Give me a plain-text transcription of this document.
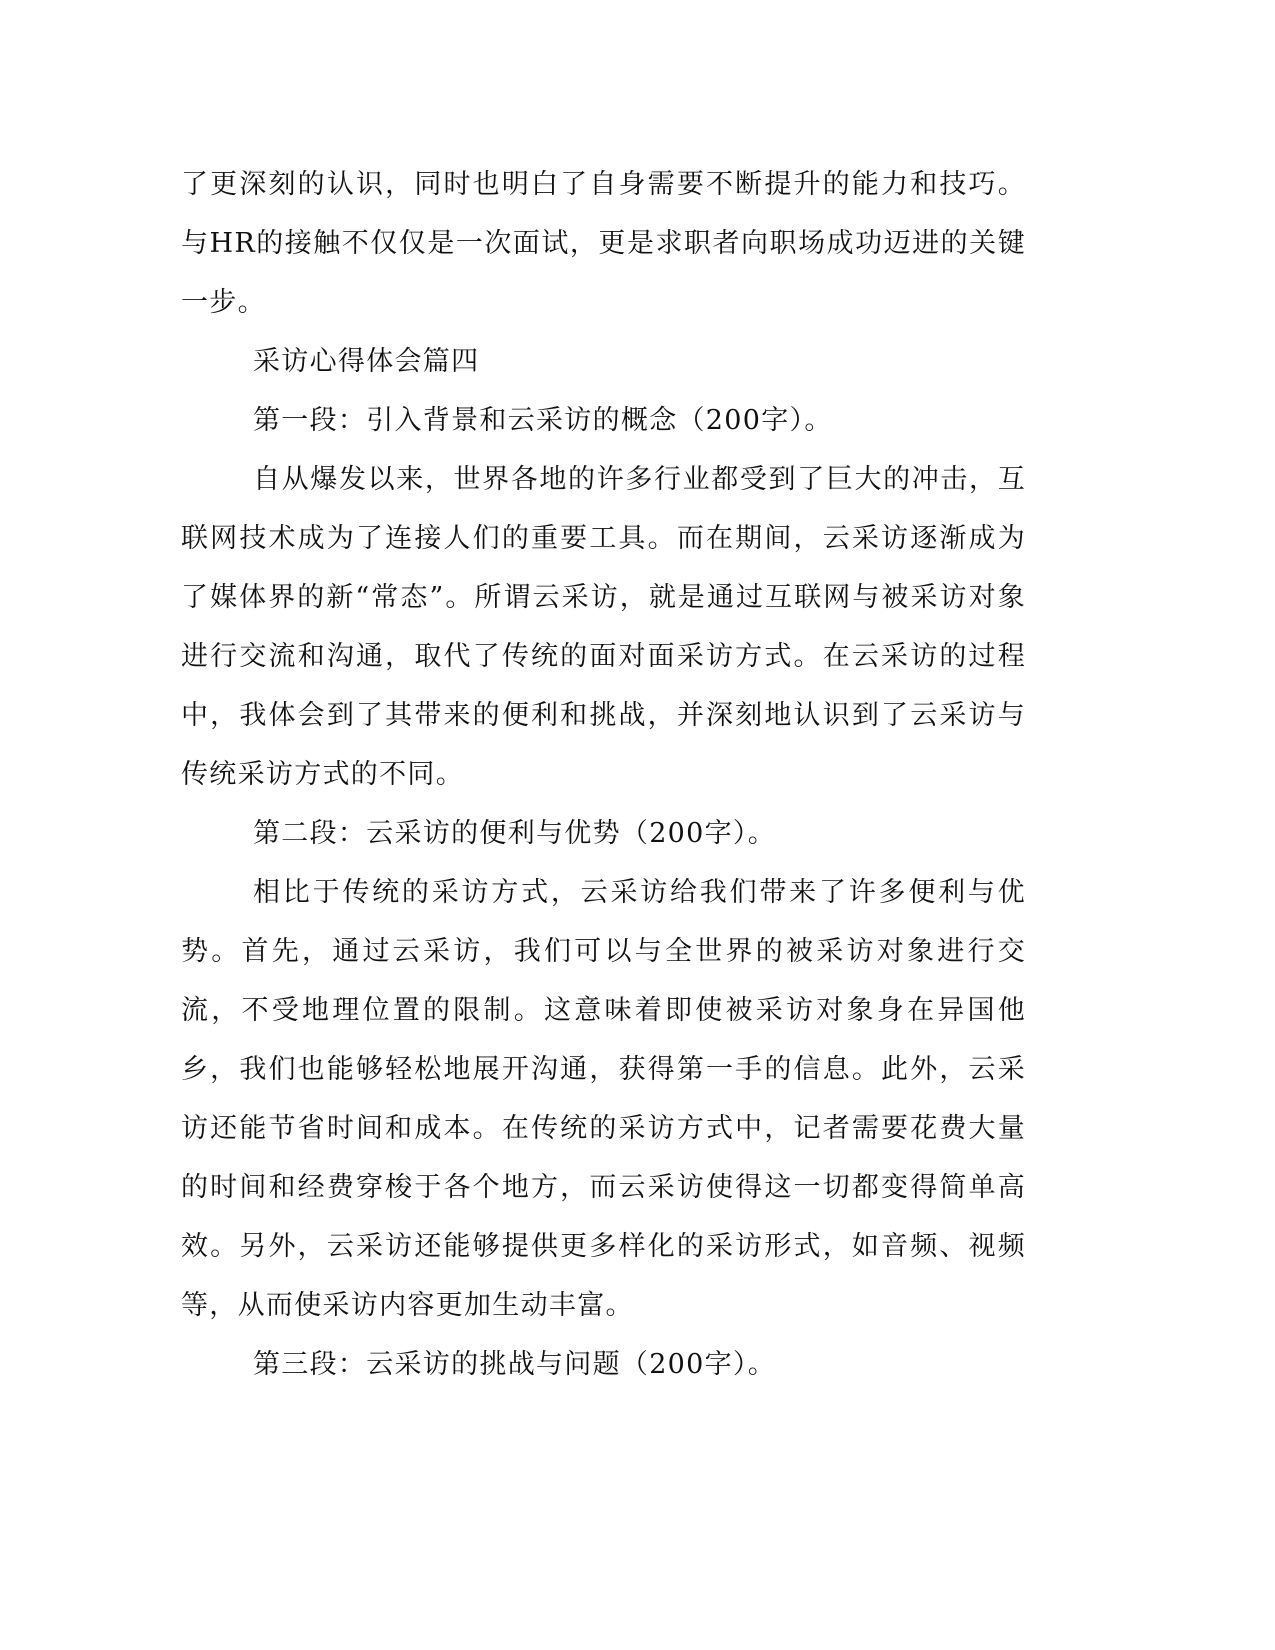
了更深刻的认识，同时也明白了自身需要不断提升的能力和技巧。与HR的接触不仅仅是一次面试，更是求职者向职场成功迈进的关键一步。

采访心得体会篇四

第一段：引入背景和云采访的概念（200字）。

自从爆发以来，世界各地的许多行业都受到了巨大的冲击，互联网技术成为了连接人们的重要工具。而在期间，云采访逐渐成为了媒体界的新“常态”。所谓云采访，就是通过互联网与被采访对象进行交流和沟通，取代了传统的面对面采访方式。在云采访的过程中，我体会到了其带来的便利和挑战，并深刻地认识到了云采访与传统采访方式的不同。

第二段：云采访的便利与优势（200字）。

相比于传统的采访方式，云采访给我们带来了许多便利与优势。首先，通过云采访，我们可以与全世界的被采访对象进行交流，不受地理位置的限制。这意味着即使被采访对象身在异国他乡，我们也能够轻松地展开沟通，获得第一手的信息。此外，云采访还能节省时间和成本。在传统的采访方式中，记者需要花费大量的时间和经费穿梭于各个地方，而云采访使得这一切都变得简单高效。另外，云采访还能够提供更多样化的采访形式，如音频、视频等，从而使采访内容更加生动丰富。

第三段：云采访的挑战与问题（200字）。
